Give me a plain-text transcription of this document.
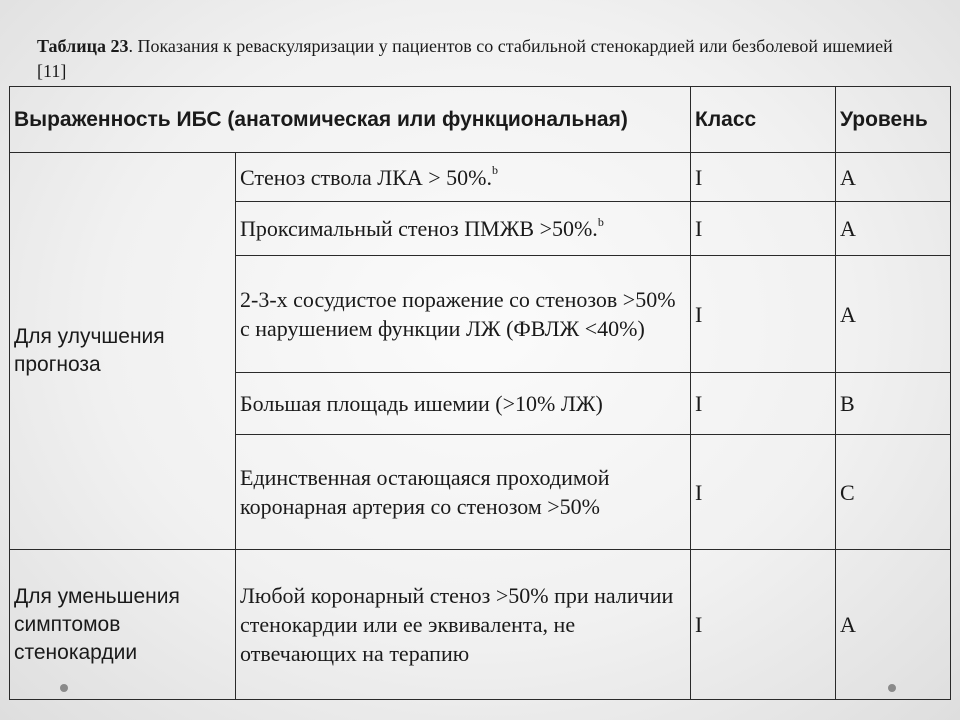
Таблица 23. Показания к реваскуляризации у пациентов со стабильной стенокардией или безболевой ишемией [11]
Выраженность ИБС (анатомическая или функциональная)		Класс	Уровень
Для улучшения прогноза	Стеноз ствола ЛКА > 50%.$^b$	I	A
	Проксимальный стеноз ПМЖВ >50%.$^b$	I	A
	2-3-х сосудистое поражение со стенозов >50% с нарушением функции ЛЖ (ФВЛЖ <40%)	I	A
	Большая площадь ишемии (>10% ЛЖ)	I	B
	Единственная остающаяся проходимой коронарная артерия со стенозом >50%	I	C
Для уменьшения симптомов стенокардии	Любой коронарный стеноз >50% при наличии стенокардии или ее эквивалента, не отвечающих на терапию	I	A
